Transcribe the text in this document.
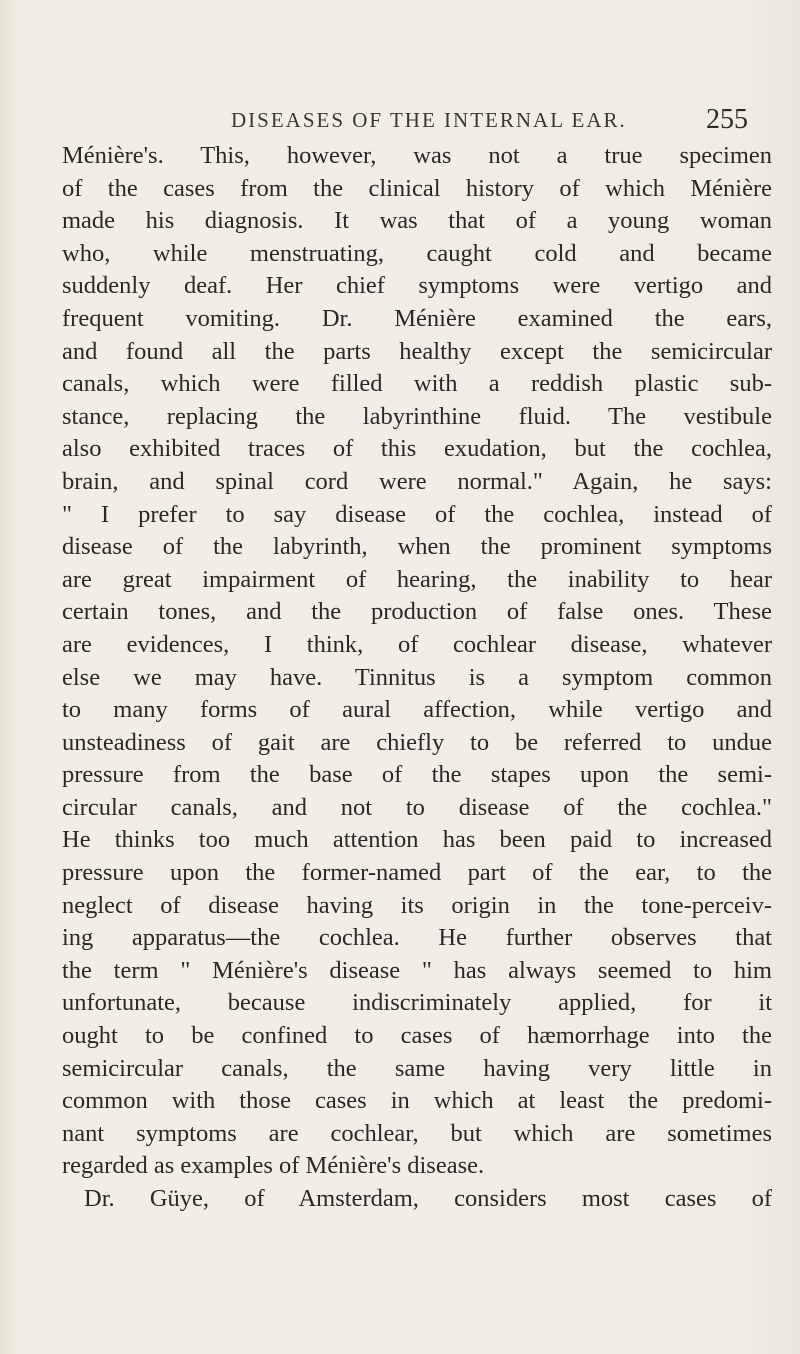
DISEASES OF THE INTERNAL EAR.	255
Ménière's. This, however, was not a true specimen
of the cases from the clinical history of which Ménière
made his diagnosis. It was that of a young woman
who, while menstruating, caught cold and became
suddenly deaf. Her chief symptoms were vertigo and
frequent vomiting. Dr. Ménière examined the ears,
and found all the parts healthy except the semicircular
canals, which were filled with a reddish plastic sub-
stance, replacing the labyrinthine fluid. The vestibule
also exhibited traces of this exudation, but the cochlea,
brain, and spinal cord were normal." Again, he says:
" I prefer to say disease of the cochlea, instead of
disease of the labyrinth, when the prominent symptoms
are great impairment of hearing, the inability to hear
certain tones, and the production of false ones. These
are evidences, I think, of cochlear disease, whatever
else we may have. Tinnitus is a symptom common
to many forms of aural affection, while vertigo and
unsteadiness of gait are chiefly to be referred to undue
pressure from the base of the stapes upon the semi-
circular canals, and not to disease of the cochlea."
He thinks too much attention has been paid to increased
pressure upon the former-named part of the ear, to the
neglect of disease having its origin in the tone-perceiv-
ing apparatus—the cochlea. He further observes that
the term " Ménière's disease " has always seemed to him
unfortunate, because indiscriminately applied, for it
ought to be confined to cases of hæmorrhage into the
semicircular canals, the same having very little in
common with those cases in which at least the predomi-
nant symptoms are cochlear, but which are sometimes
regarded as examples of Ménière's disease.
Dr. Güye, of Amsterdam, considers most cases of
